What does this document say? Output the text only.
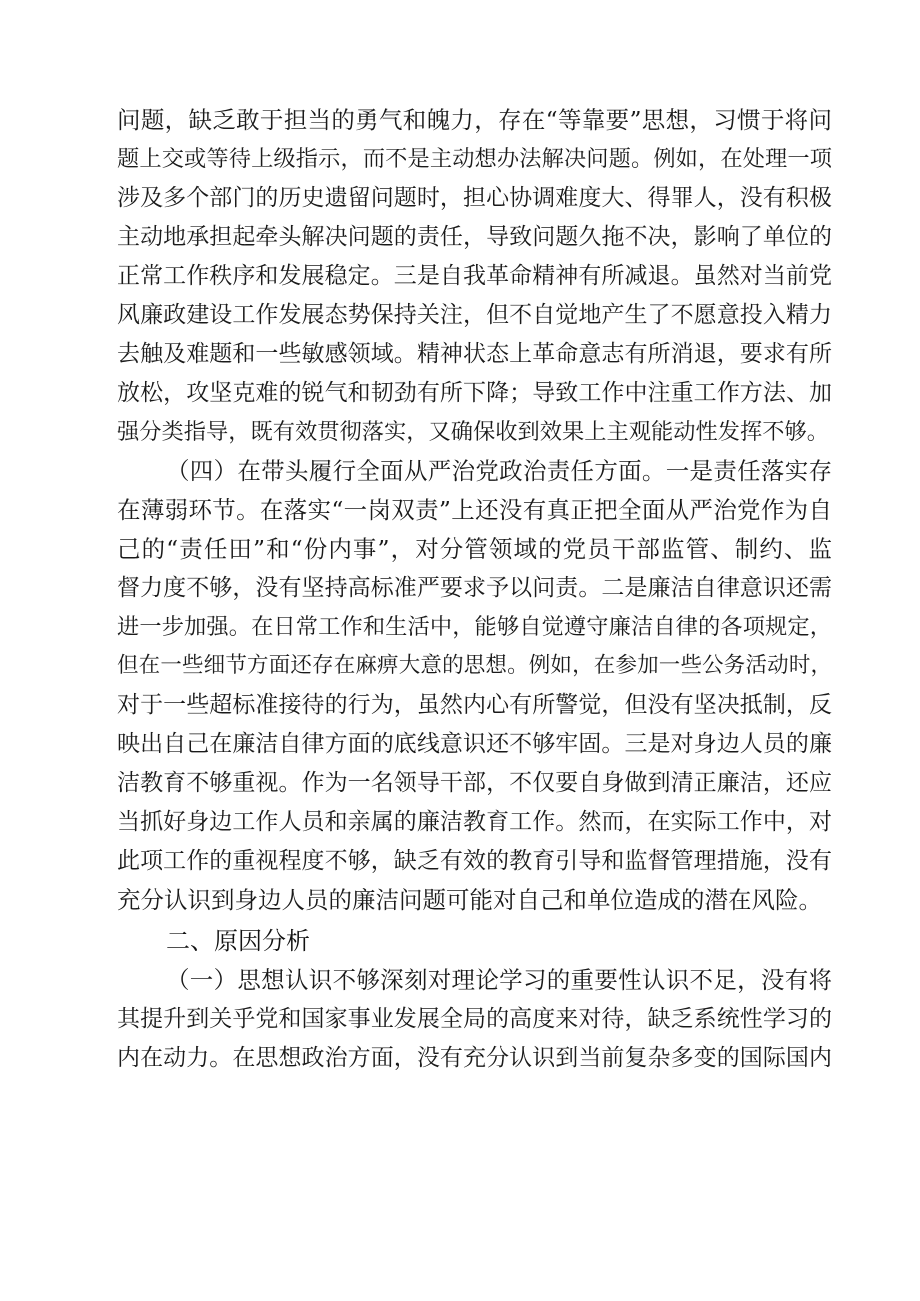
问题，缺乏敢于担当的勇气和魄力，存在“等靠要”思想，习惯于将问
题上交或等待上级指示，而不是主动想办法解决问题。例如，在处理一项
涉及多个部门的历史遗留问题时，担心协调难度大、得罪人，没有积极
主动地承担起牵头解决问题的责任，导致问题久拖不决，影响了单位的
正常工作秩序和发展稳定。三是自我革命精神有所减退。虽然对当前党
风廉政建设工作发展态势保持关注，但不自觉地产生了不愿意投入精力
去触及难题和一些敏感领域。精神状态上革命意志有所消退，要求有所
放松，攻坚克难的锐气和韧劲有所下降；导致工作中注重工作方法、加
强分类指导，既有效贯彻落实，又确保收到效果上主观能动性发挥不够。
（四）在带头履行全面从严治党政治责任方面。一是责任落实存
在薄弱环节。在落实“一岗双责”上还没有真正把全面从严治党作为自
己的“责任田”和“份内事”，对分管领域的党员干部监管、制约、监
督力度不够，没有坚持高标准严要求予以问责。二是廉洁自律意识还需
进一步加强。在日常工作和生活中，能够自觉遵守廉洁自律的各项规定，
但在一些细节方面还存在麻痹大意的思想。例如，在参加一些公务活动时，
对于一些超标准接待的行为，虽然内心有所警觉，但没有坚决抵制，反
映出自己在廉洁自律方面的底线意识还不够牢固。三是对身边人员的廉
洁教育不够重视。作为一名领导干部，不仅要自身做到清正廉洁，还应
当抓好身边工作人员和亲属的廉洁教育工作。然而，在实际工作中，对
此项工作的重视程度不够，缺乏有效的教育引导和监督管理措施，没有
充分认识到身边人员的廉洁问题可能对自己和单位造成的潜在风险。
二、原因分析
（一）思想认识不够深刻对理论学习的重要性认识不足，没有将
其提升到关乎党和国家事业发展全局的高度来对待，缺乏系统性学习的
内在动力。在思想政治方面，没有充分认识到当前复杂多变的国际国内
